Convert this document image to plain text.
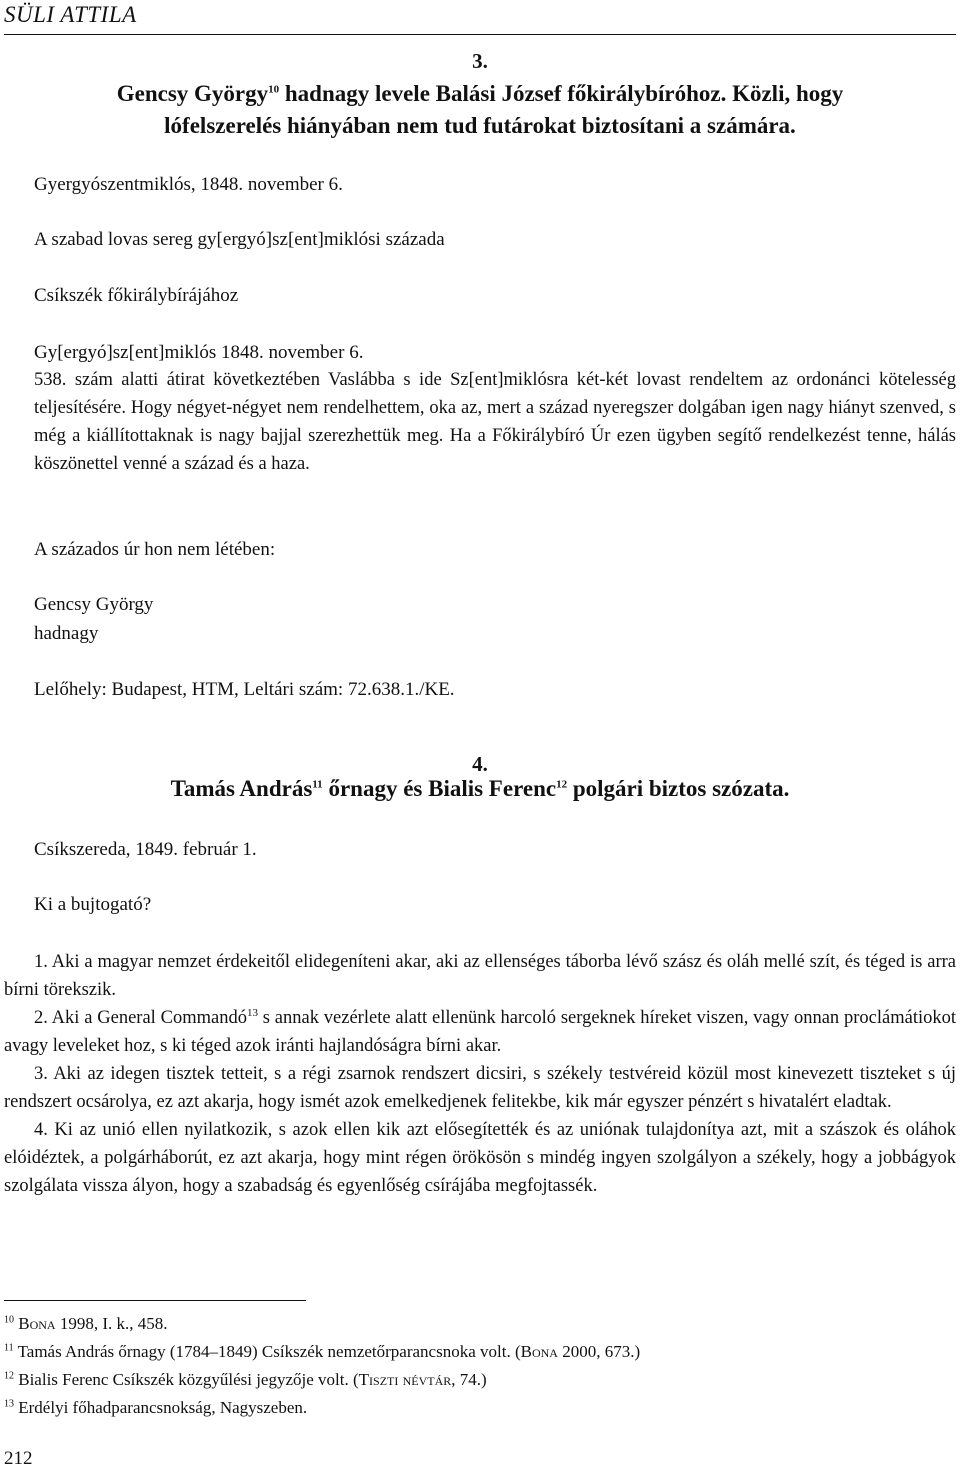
SÜLI ATTILA
3.
Gencsy György$^{10}$ hadnagy levele Balási József főkirálybíróhoz. Közli, hogy lófelszerelés hiányában nem tud futárokat biztosítani a számára.
Gyergyószentmiklós, 1848. november 6.
A szabad lovas sereg gy[ergyó]sz[ent]miklósi százada
Csíkszék főkirálybírájához
Gy[ergyó]sz[ent]miklós 1848. november 6.
538. szám alatti átirat következtében Vaslábba s ide Sz[ent]miklósra két-két lovast rendeltem az ordonánci kötelesség teljesítésére. Hogy négyet-négyet nem rendelhettem, oka az, mert a század nyeregszer dolgában igen nagy hiányt szenved, s még a kiállítottaknak is nagy bajjal szerezhettük meg. Ha a Főkirálybíró Úr ezen ügyben segítő rendelkezést tenne, hálás köszönettel venné a század és a haza.
A százados úr hon nem létében:
Gencsy György
hadnagy
Lelőhely: Budapest, HTM, Leltári szám: 72.638.1./KE.
4.
Tamás András$^{11}$ őrnagy és Bialis Ferenc$^{12}$ polgári biztos szózata.
Csíkszereda, 1849. február 1.
Ki a bujtogató?

1. Aki a magyar nemzet érdekeitől elidegeníteni akar, aki az ellenséges táborba lévő szász és oláh mellé szít, és téged is arra bírni törekszik.

2. Aki a General Commandó$^{13}$ s annak vezérlete alatt ellenünk harcoló sergeknek híreket viszen, vagy onnan proclámátiokot avagy leveleket hoz, s ki téged azok iránti hajlandóságra bírni akar.

3. Aki az idegen tisztek tetteit, s a régi zsarnok rendszert dicsiri, s székely testvéreid közül most kinevezett tiszteket s új rendszert ocsárolya, ez azt akarja, hogy ismét azok emelkedjenek felitekbe, kik már egyszer pénzért s hivatalért eladtak.

4. Ki az unió ellen nyilatkozik, s azok ellen kik azt elősegítették és az uniónak tulajdonítya azt, mit a szászok és oláhok elóidéztek, a polgárháborút, ez azt akarja, hogy mint régen örökösön s mindég ingyen szolgályon a székely, hogy a jobbágyok szolgálata vissza ályon, hogy a szabadság és egyenlőség csírájába megfojtassék.

$^{10}$ Bona 1998, I. k., 458.
$^{11}$ Tamás András őrnagy (1784–1849) Csíkszék nemzetőrparancsnoka volt. (Bona 2000, 673.)
$^{12}$ Bialis Ferenc Csíkszék közgyűlési jegyzője volt. (Tiszti névtár, 74.)
$^{13}$ Erdélyi főhadparancsnokság, Nagyszeben.
212
